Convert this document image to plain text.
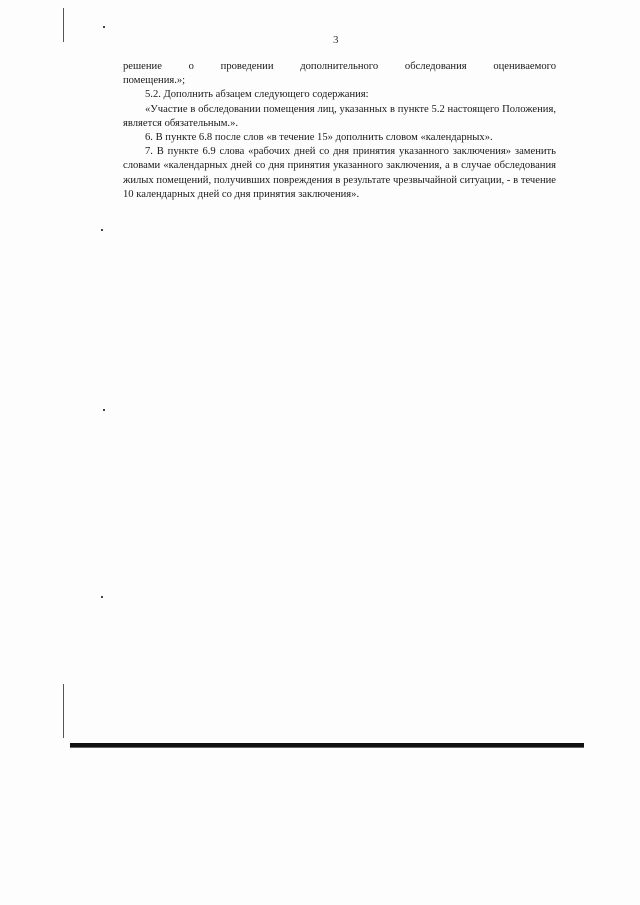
3

решение о проведении дополнительного обследования оцениваемого

помещения.»;

5.2. Дополнить абзацем следующего содержания:

«Участие в обследовании помещения лиц, указанных в пункте 5.2 настоящего Положения, является обязательным.».

6. В пункте 6.8 после слов «в течение 15» дополнить словом «календарных».

7. В пункте 6.9 слова «рабочих дней со дня принятия указанного заключения» заменить словами «календарных дней со дня принятия указанного заключения, а в случае обследования жилых помещений, получивших повреждения в результате чрезвычайной ситуации, - в течение 10 календарных дней со дня принятия заключения».
